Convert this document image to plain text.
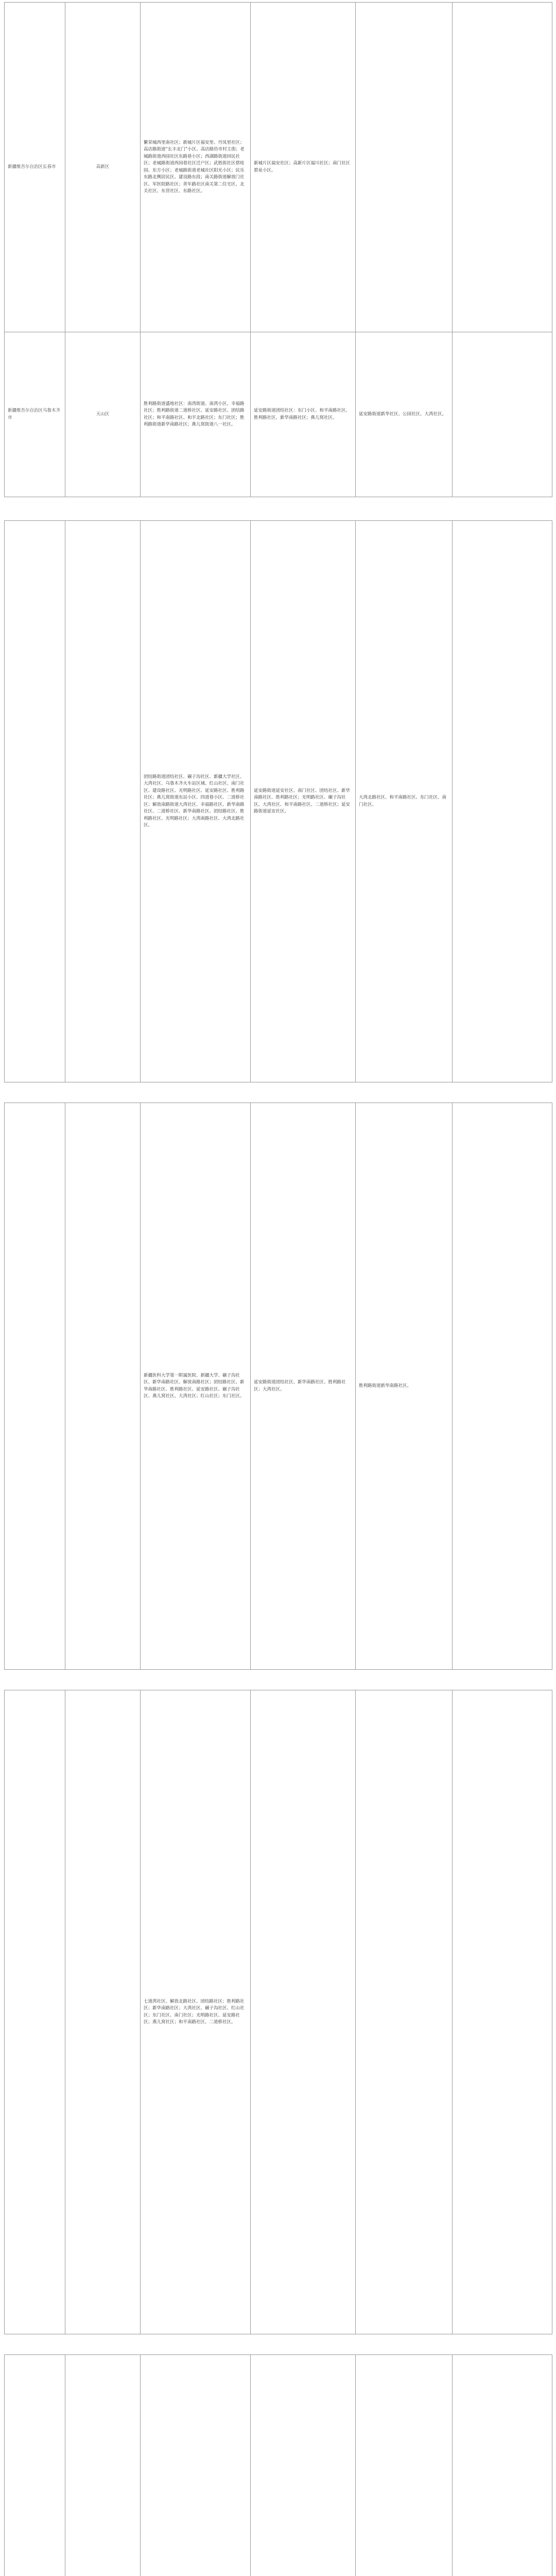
新疆维吾尔自治区长春市	高新区	繁荣城西里南社区；新城片区福安里、丹凤里社区；高店路街道“长丰北门”小区、高店路仿市村主街；老城路街道西园社区东路巷小区；西湖路街道回民社区；老城路街道西园巷社区迁户区；武胜街社区碧桂园、东方小区；老城路街道老城社区阳光小区；民乐东路北侧居民区、建设路东段；南关路街道解放门社区、军医院路社区；青年路社区南关第二住宅区、北关社区、东营社区、东路社区。	新城片区福安社区；高新片区福川社区；南门社区碧泉小区。		
新疆维吾尔自治区乌鲁木齐市	天山区	胜利路街道盛地社区：南湾街道、南湾小区、幸福路社区；胜利路街道二道桥社区、延安路社区、团结路社区；和平南路社区、和平北路社区；东门社区；胜利路街道新华南路社区；燕儿窝街道八一社区。	延安路街道团结社区：东门小区、和平南路社区、胜利路社区、新华南路社区；燕儿窝社区。	延安路街道新华社区、公园社区、大湾社区。	
		团结路街道团结社区、碾子沟社区、新疆大学社区、大湾社区、乌鲁木齐火车站区域、红山社区、南门社区、建设路社区、光明路社区、延安路社区、胜利路社区；燕儿窝街道东站小区、四道巷小区、二道桥社区；解放南路街道大湾社区、幸福路社区、新华南路社区、二道桥社区、新华南路社区、团结路社区、胜利路社区、光明路社区；大湾南路社区、大湾北路社区。	延安路街道延安社区、南门社区、团结社区、新华南路社区、胜利路社区；光明路社区、碾子沟社区、大湾社区、和平南路社区、二道桥社区；延安路街道延安社区。	大湾北路社区、和平南路社区、东门社区、南门社区。	
		新疆医科大学第一附属医院、新疆大学、碾子沟社区、新华南路社区、解放南路社区；团结路社区、新华南路社区、胜利路社区、延安路社区、碾子沟社区、燕儿窝社区、大湾社区；红山社区；东门社区。	延安路街道团结社区、新华南路社区、胜利路社区；大湾社区。	胜利路街道新华南路社区。	
		七道湾社区、解放北路社区、团结路社区；胜利路社区；新华南路社区；大湾社区、碾子沟社区、红山社区；东门社区、南门社区；光明路社区、延安路社区；燕儿窝社区；和平南路社区、二道桥社区。			
